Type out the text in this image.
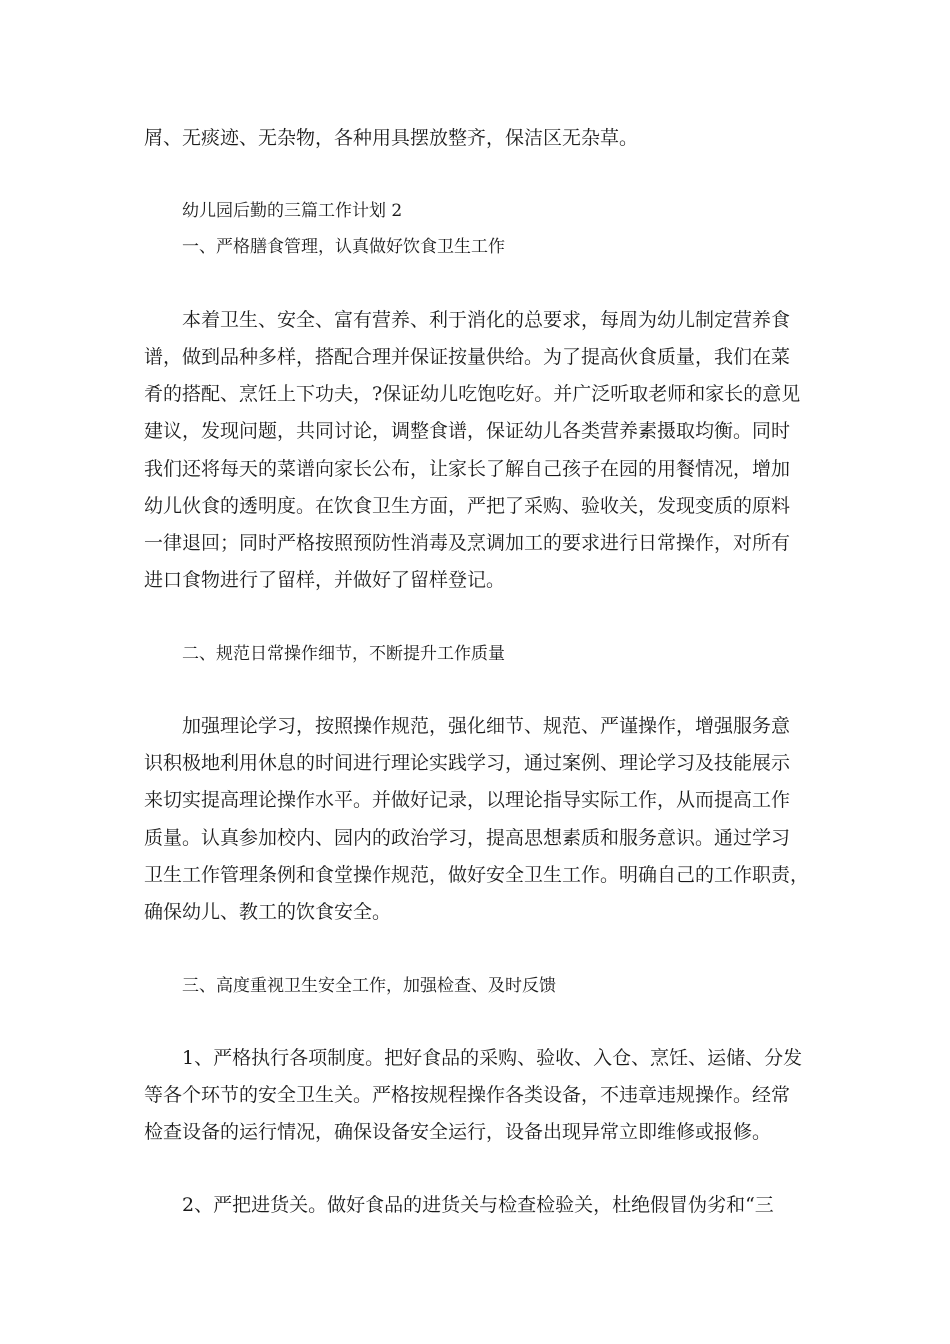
屑、无痰迹、无杂物，各种用具摆放整齐，保洁区无杂草。
幼儿园后勤的三篇工作计划 2
一、严格膳食管理，认真做好饮食卫生工作
本着卫生、安全、富有营养、利于消化的总要求，每周为幼儿制定营养食
谱，做到品种多样，搭配合理并保证按量供给。为了提高伙食质量，我们在菜
肴的搭配、烹饪上下功夫，?保证幼儿吃饱吃好。并广泛听取老师和家长的意见
建议，发现问题，共同讨论，调整食谱，保证幼儿各类营养素摄取均衡。同时
我们还将每天的菜谱向家长公布，让家长了解自己孩子在园的用餐情况，增加
幼儿伙食的透明度。在饮食卫生方面，严把了采购、验收关，发现变质的原料
一律退回；同时严格按照预防性消毒及烹调加工的要求进行日常操作，对所有
进口食物进行了留样，并做好了留样登记。
二、规范日常操作细节，不断提升工作质量
加强理论学习，按照操作规范，强化细节、规范、严谨操作，增强服务意
识积极地利用休息的时间进行理论实践学习，通过案例、理论学习及技能展示
来切实提高理论操作水平。并做好记录，以理论指导实际工作，从而提高工作
质量。认真参加校内、园内的政治学习，提高思想素质和服务意识。通过学习
卫生工作管理条例和食堂操作规范，做好安全卫生工作。明确自己的工作职责，
确保幼儿、教工的饮食安全。
三、高度重视卫生安全工作，加强检查、及时反馈
1、严格执行各项制度。把好食品的采购、验收、入仓、烹饪、运储、分发
等各个环节的安全卫生关。严格按规程操作各类设备，不违章违规操作。经常
检查设备的运行情况，确保设备安全运行，设备出现异常立即维修或报修。
2、严把进货关。做好食品的进货关与检查检验关，杜绝假冒伪劣和“三
